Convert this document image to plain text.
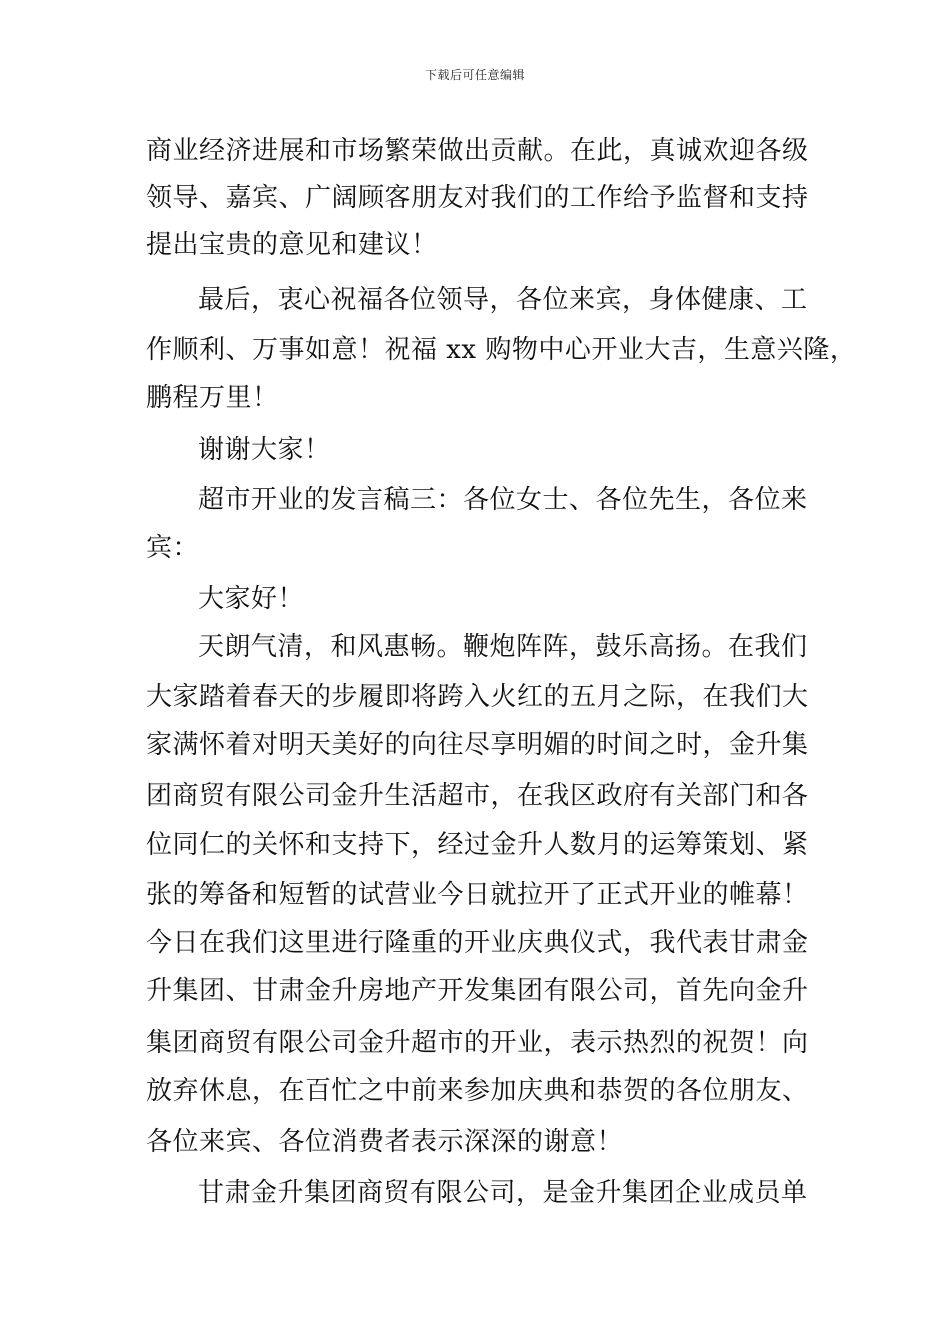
下载后可任意编辑
商业经济进展和市场繁荣做出贡献。在此，真诚欢迎各级
领导、嘉宾、广阔顾客朋友对我们的工作给予监督和支持
提出宝贵的意见和建议！
最后，衷心祝福各位领导，各位来宾，身体健康、工
作顺利、万事如意！祝福 xx 购物中心开业大吉，生意兴隆，
鹏程万里！
谢谢大家！
超市开业的发言稿三：各位女士、各位先生，各位来
宾：
大家好！
天朗气清，和风惠畅。鞭炮阵阵，鼓乐高扬。在我们
大家踏着春天的步履即将跨入火红的五月之际，在我们大
家满怀着对明天美好的向往尽享明媚的时间之时，金升集
团商贸有限公司金升生活超市，在我区政府有关部门和各
位同仁的关怀和支持下，经过金升人数月的运筹策划、紧
张的筹备和短暂的试营业今日就拉开了正式开业的帷幕！
今日在我们这里进行隆重的开业庆典仪式，我代表甘肃金
升集团、甘肃金升房地产开发集团有限公司，首先向金升
集团商贸有限公司金升超市的开业，表示热烈的祝贺！向
放弃休息，在百忙之中前来参加庆典和恭贺的各位朋友、
各位来宾、各位消费者表示深深的谢意！
甘肃金升集团商贸有限公司，是金升集团企业成员单
